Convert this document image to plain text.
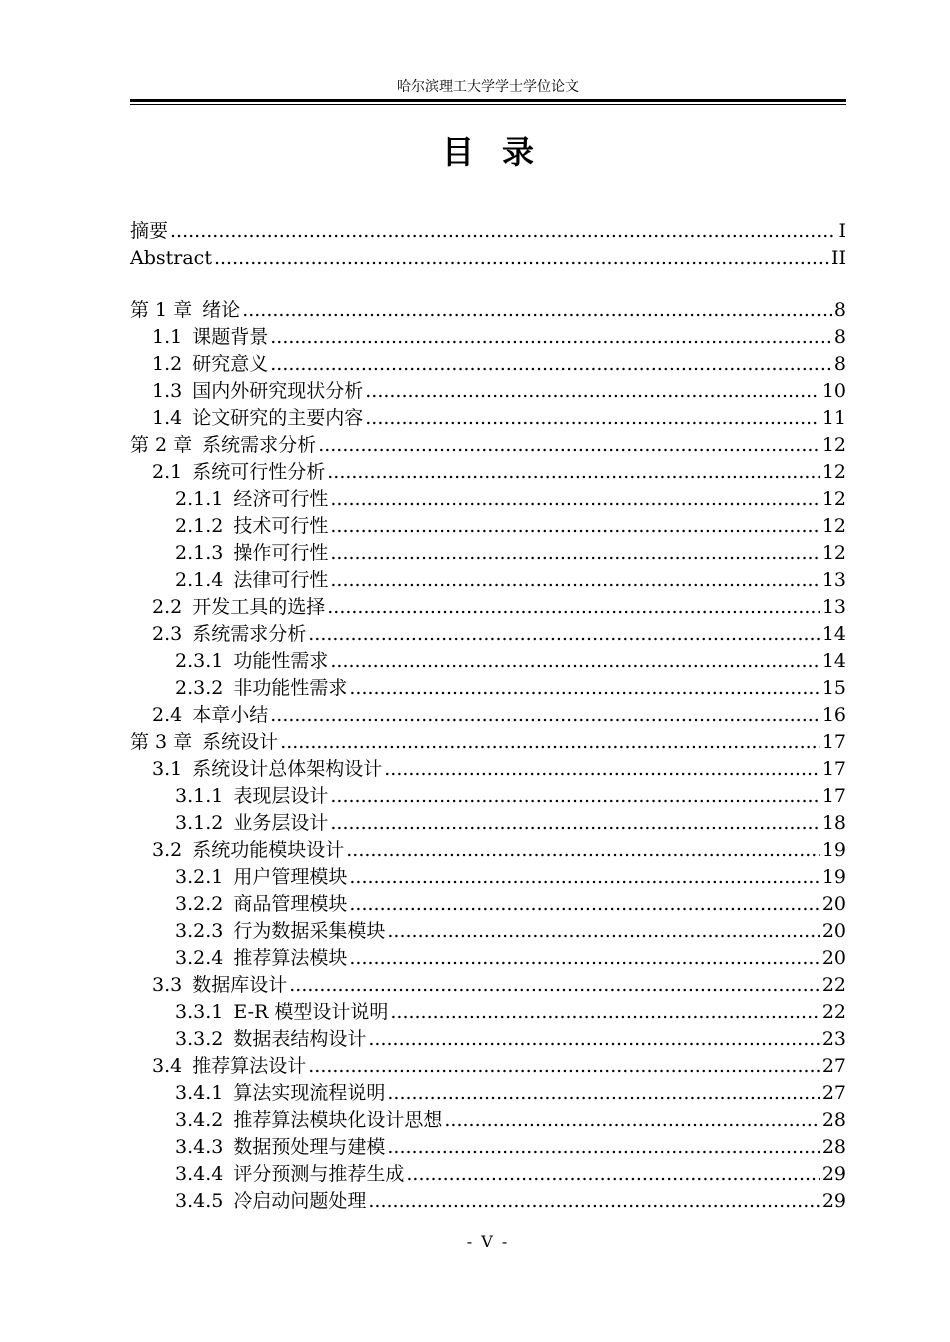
哈尔滨理工大学学士学位论文
目录
摘要 .....	I
Abstract .....	II
第 1 章 绪论 .....	8
1.1 课题背景 .....	8
1.2 研究意义 .....	8
1.3 国内外研究现状分析 .....	10
1.4 论文研究的主要内容 .....	11
第 2 章 系统需求分析 .....	12
2.1 系统可行性分析 .....	12
2.1.1 经济可行性 .....	12
2.1.2 技术可行性 .....	12
2.1.3 操作可行性 .....	12
2.1.4 法律可行性 .....	13
2.2 开发工具的选择 .....	13
2.3 系统需求分析 .....	14
2.3.1 功能性需求 .....	14
2.3.2 非功能性需求 .....	15
2.4 本章小结 .....	16
第 3 章 系统设计 .....	17
3.1 系统设计总体架构设计 .....	17
3.1.1 表现层设计 .....	17
3.1.2 业务层设计 .....	18
3.2 系统功能模块设计 .....	19
3.2.1 用户管理模块 .....	19
3.2.2 商品管理模块 .....	20
3.2.3 行为数据采集模块 .....	20
3.2.4 推荐算法模块 .....	20
3.3 数据库设计 .....	22
3.3.1 E-R 模型设计说明 .....	22
3.3.2 数据表结构设计 .....	23
3.4 推荐算法设计 .....	27
3.4.1 算法实现流程说明 .....	27
3.4.2 推荐算法模块化设计思想 .....	28
3.4.3 数据预处理与建模 .....	28
3.4.4 评分预测与推荐生成 .....	29
3.4.5 冷启动问题处理 .....	29
- V -
